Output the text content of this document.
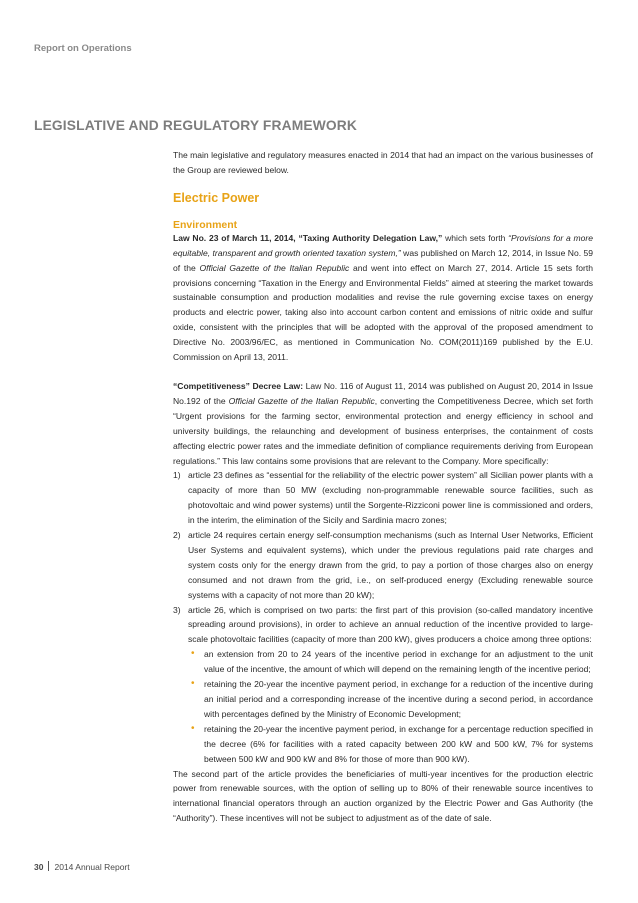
Report on Operations
LEGISLATIVE AND REGULATORY FRAMEWORK

The main legislative and regulatory measures enacted in 2014 that had an impact on the various businesses of the Group are reviewed below.

Electric Power
Environment

Law No. 23 of March 11, 2014, “Taxing Authority Delegation Law,” which sets forth “Provisions for a more equitable, transparent and growth oriented taxation system,” was published on March 12, 2014, in Issue No. 59 of the Official Gazette of the Italian Republic and went into effect on March 27, 2014. Article 15 sets forth provisions concerning “Taxation in the Energy and Environmental Fields” aimed at steering the market towards sustainable consumption and production modalities and revise the rule governing excise taxes on energy products and electric power, taking also into account carbon content and emissions of nitric oxide and sulfur oxide, consistent with the principles that will be adopted with the approval of the proposed amendment to Directive No. 2003/96/EC, as mentioned in Communication No. COM(2011)169 published by the E.U. Commission on April 13, 2011.

“Competitiveness” Decree Law: Law No. 116 of August 11, 2014 was published on August 20, 2014 in Issue No.192 of the Official Gazette of the Italian Republic, converting the Competitiveness Decree, which set forth “Urgent provisions for the farming sector, environmental protection and energy efficiency in school and university buildings, the relaunching and development of business enterprises, the containment of costs affecting electric power rates and the immediate definition of compliance requirements deriving from European regulations.” This law contains some provisions that are relevant to the Company. More specifically:

1) article 23 defines as “essential for the reliability of the electric power system” all Sicilian power plants with a capacity of more than 50 MW (excluding non-programmable renewable source facilities, such as photovoltaic and wind power systems) until the Sorgente-Rizziconi power line is commissioned and orders, in the interim, the elimination of the Sicily and Sardinia macro zones;
2) article 24 requires certain energy self-consumption mechanisms (such as Internal User Networks, Efficient User Systems and equivalent systems), which under the previous regulations paid rate charges and system costs only for the energy drawn from the grid, to pay a portion of those charges also on energy consumed and not drawn from the grid, i.e., on self-produced energy (Excluding renewable source systems with a capacity of not more than 20 kW);
3) article 26, which is comprised on two parts: the first part of this provision (so-called mandatory incentive spreading around provisions), in order to achieve an annual reduction of the incentive provided to large-scale photovoltaic facilities (capacity of more than 200 kW), gives producers a choice among three options:
• an extension from 20 to 24 years of the incentive period in exchange for an adjustment to the unit value of the incentive, the amount of which will depend on the remaining length of the incentive period;
• retaining the 20-year the incentive payment period, in exchange for a reduction of the incentive during an initial period and a corresponding increase of the incentive during a second period, in accordance with percentages defined by the Ministry of Economic Development;
• retaining the 20-year the incentive payment period, in exchange for a percentage reduction specified in the decree (6% for facilities with a rated capacity between 200 kW and 500 kW, 7% for systems between 500 kW and 900 kW and 8% for those of more than 900 kW).

The second part of the article provides the beneficiaries of multi-year incentives for the production electric power from renewable sources, with the option of selling up to 80% of their renewable source incentives to international financial operators through an auction organized by the Electric Power and Gas Authority (the “Authority”). These incentives will not be subject to adjustment as of the date of sale.

30 2014 Annual Report
